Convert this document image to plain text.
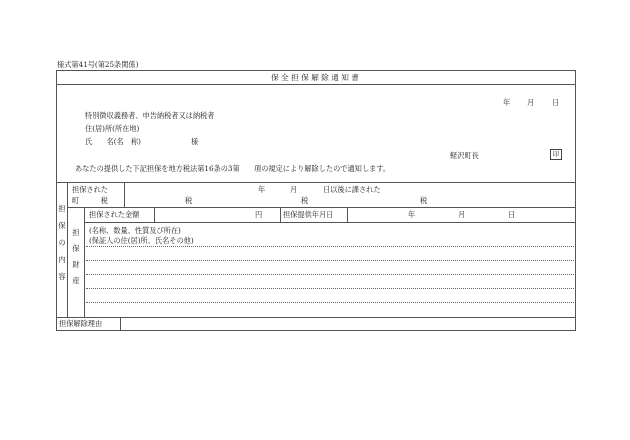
様式第41号(第25条関係)
保 全 担 保 解 除 通 知 書
年 月 日
特別徴収義務者、申告納税者又は納税者
住(居)所(所在地)
氏　　名(名　称)	様
軽沢町長	印
あなたの提供した下記担保を地方税法第16条の3第　　項の規定により解除したので通知します。
担
保
の
内
容
担保された
町　　　税
年	月	日以後に課された
税	税	税
担保された金額	円	担保提供年月日	年	月	日
担
保
財
産
(名称、数量、性質及び所在)
(保証人の住(居)所、氏名その他)
担保解除理由
